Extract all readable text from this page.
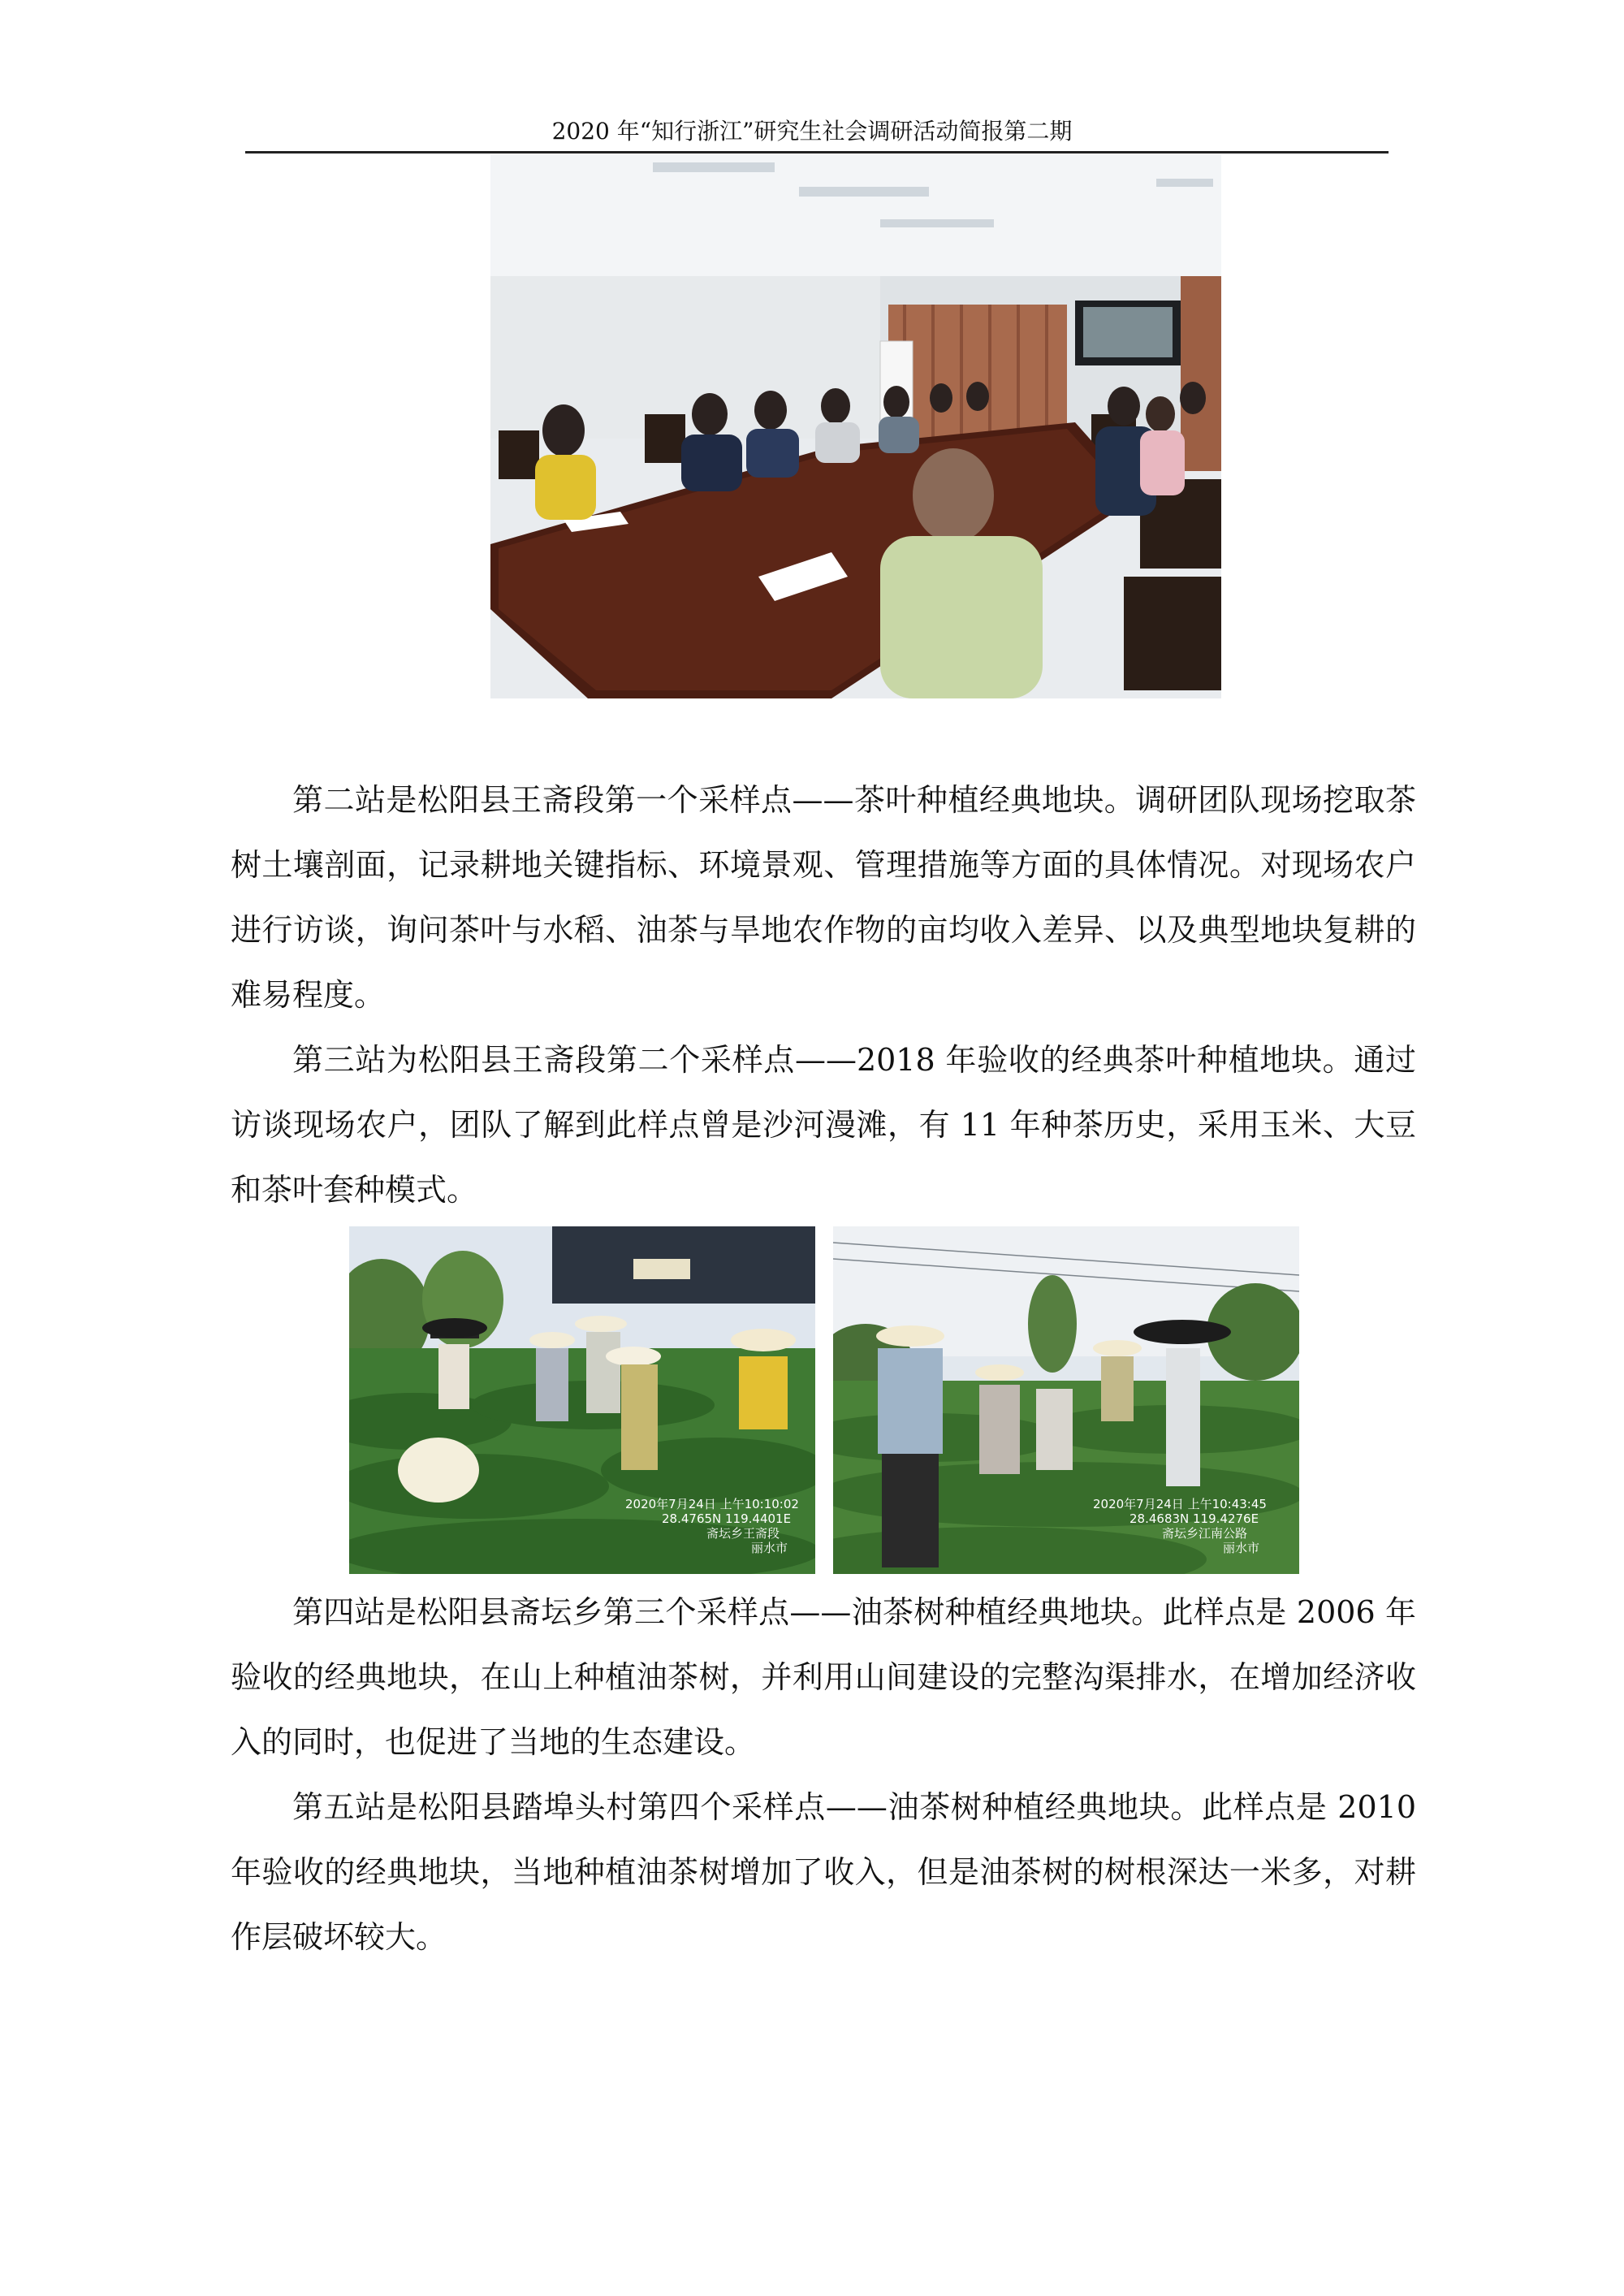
2020 年“知行浙江”研究生社会调研活动简报第二期

第二站是松阳县王斋段第一个采样点——茶叶种植经典地块。调研团队现场挖取茶树土壤剖面，记录耕地关键指标、环境景观、管理措施等方面的具体情况。对现场农户进行访谈，询问茶叶与水稻、油茶与旱地农作物的亩均收入差异、以及典型地块复耕的难易程度。

第三站为松阳县王斋段第二个采样点——2018 年验收的经典茶叶种植地块。通过访谈现场农户，团队了解到此样点曾是沙河漫滩，有 11 年种茶历史，采用玉米、大豆和茶叶套种模式。

2020年7月24日 上午10:10:02
28.4765N 119.4401E
斋坛乡王斋段
丽水市
2020年7月24日 上午10:43:45
28.4683N 119.4276E
斋坛乡江南公路
丽水市

第四站是松阳县斋坛乡第三个采样点——油茶树种植经典地块。此样点是 2006 年验收的经典地块，在山上种植油茶树，并利用山间建设的完整沟渠排水，在增加经济收入的同时，也促进了当地的生态建设。

第五站是松阳县踏埠头村第四个采样点——油茶树种植经典地块。此样点是 2010 年验收的经典地块，当地种植油茶树增加了收入，但是油茶树的树根深达一米多，对耕作层破坏较大。
